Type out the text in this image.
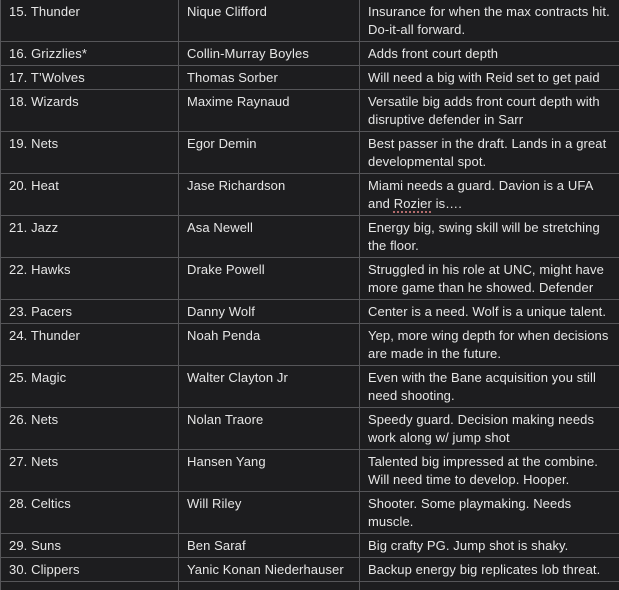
15. Thunder	Nique Clifford	Insurance for when the max contracts hit. Do-it-all forward.
16. Grizzlies*	Collin-Murray Boyles	Adds front court depth
17. T’Wolves	Thomas Sorber	Will need a big with Reid set to get paid
18. Wizards	Maxime Raynaud	Versatile big adds front court depth with disruptive defender in Sarr
19. Nets	Egor Demin	Best passer in the draft. Lands in a great developmental spot.
20. Heat	Jase Richardson	Miami needs a guard. Davion is a UFA and Rozier is….
21. Jazz	Asa Newell	Energy big, swing skill will be stretching the floor.
22. Hawks	Drake Powell	Struggled in his role at UNC, might have more game than he showed. Defender
23. Pacers	Danny Wolf	Center is a need. Wolf is a unique talent.
24. Thunder	Noah Penda	Yep, more wing depth for when decisions are made in the future.
25. Magic	Walter Clayton Jr	Even with the Bane acquisition you still need shooting.
26. Nets	Nolan Traore	Speedy guard. Decision making needs work along w/ jump shot
27. Nets	Hansen Yang	Talented big impressed at the combine. Will need time to develop. Hooper.
28. Celtics	Will Riley	Shooter. Some playmaking. Needs muscle.
29. Suns	Ben Saraf	Big crafty PG. Jump shot is shaky.
30. Clippers	Yanic Konan Niederhauser	Backup energy big replicates lob threat.
